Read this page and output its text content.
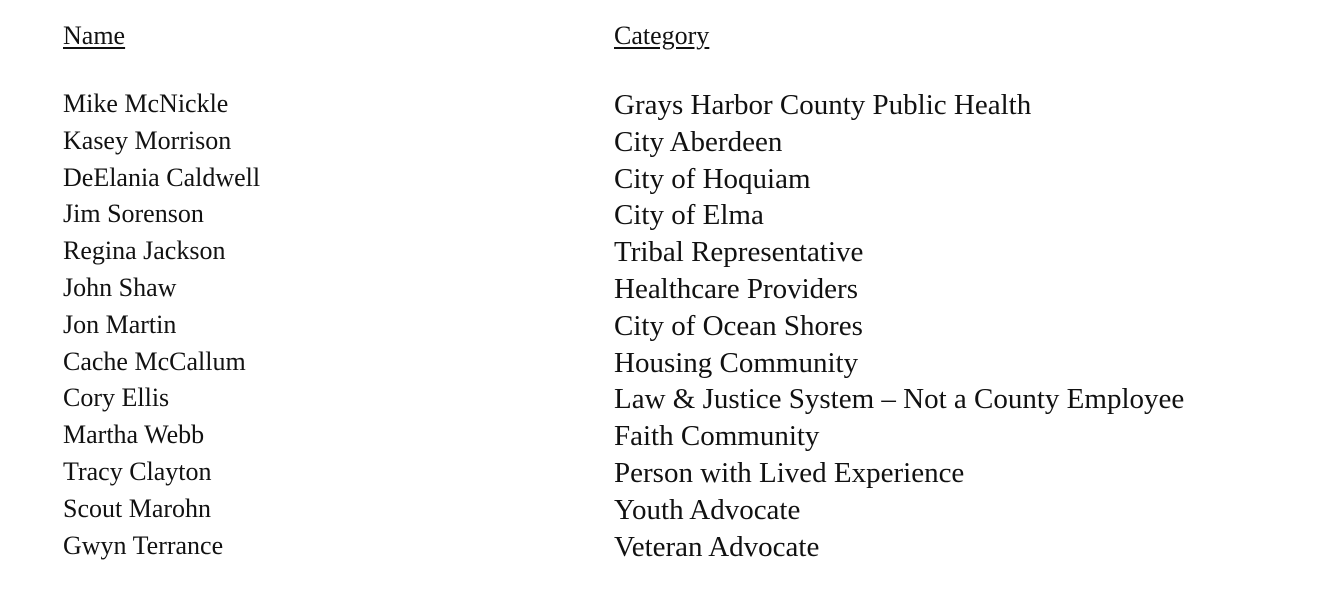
Name
Mike McNickle
Kasey Morrison
DeElania Caldwell
Jim Sorenson
Regina Jackson
John Shaw
Jon Martin
Cache McCallum
Cory Ellis
Martha Webb
Tracy Clayton
Scout Marohn
Gwyn Terrance
Category
Grays Harbor County Public Health
City Aberdeen
City of Hoquiam
City of Elma
Tribal Representative
Healthcare Providers
City of Ocean Shores
Housing Community
Law & Justice System – Not a County Employee
Faith Community
Person with Lived Experience
Youth Advocate
Veteran Advocate
